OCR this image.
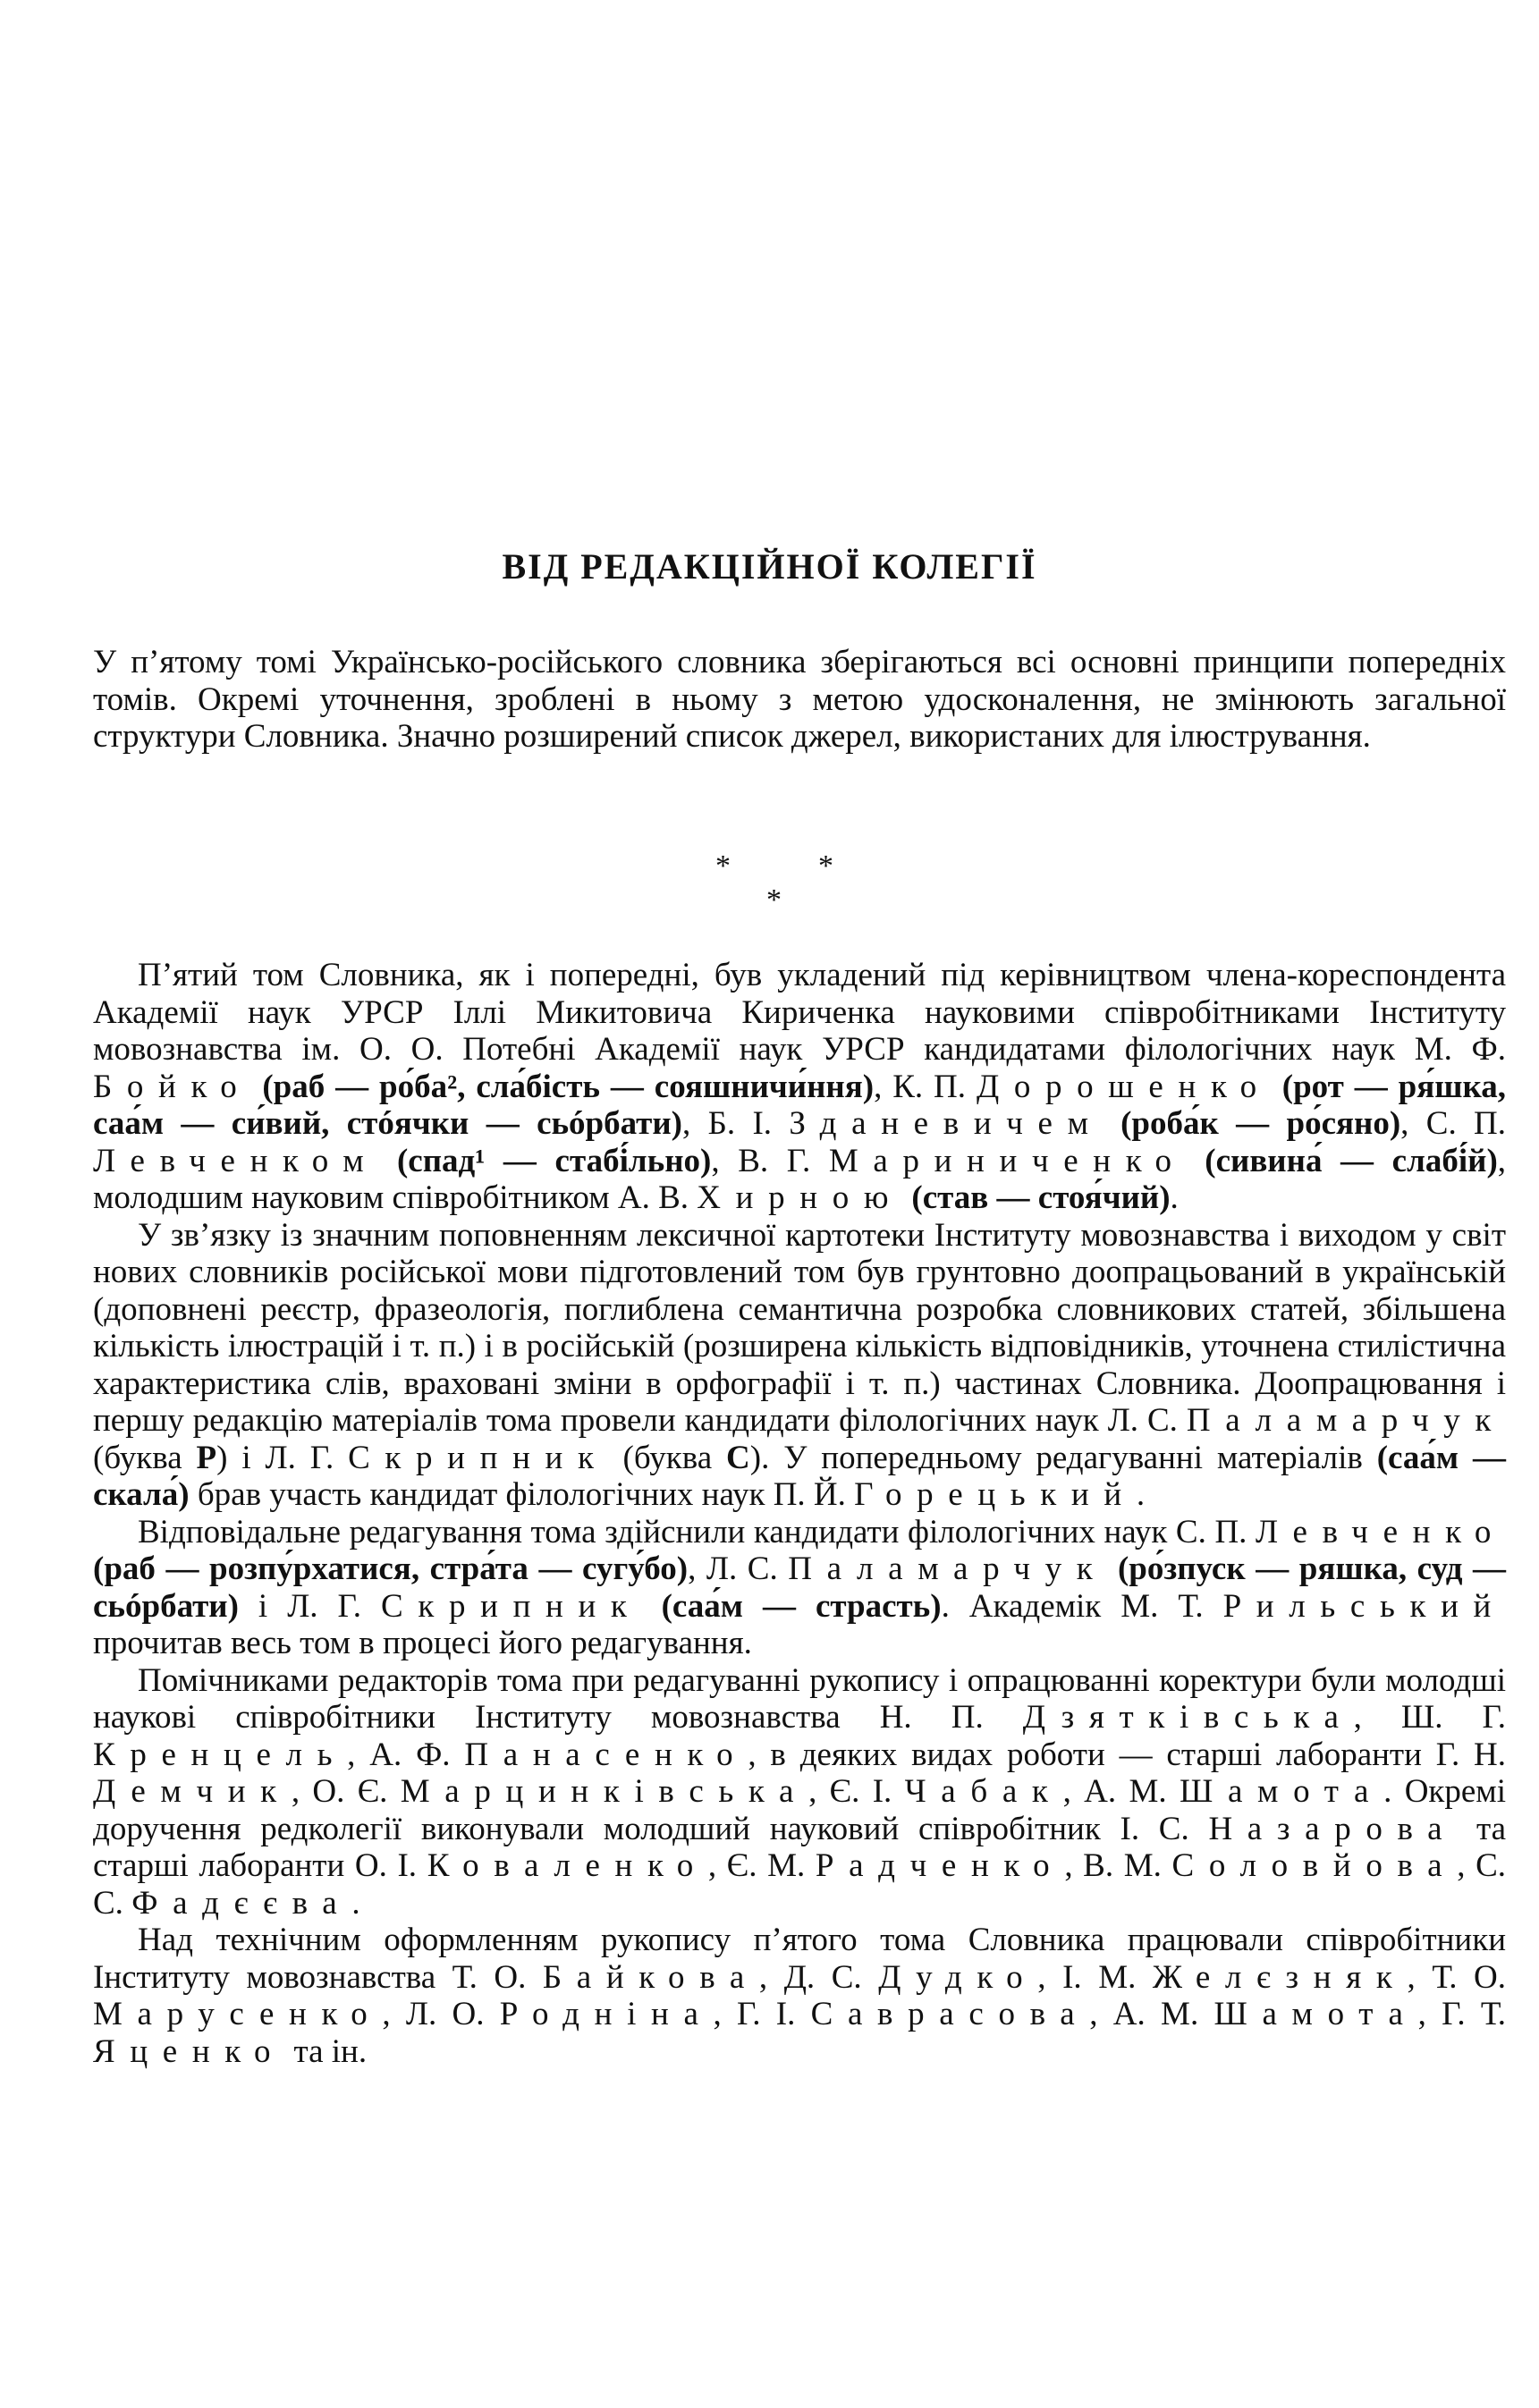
ВІД РЕДАКЦІЙНОЇ КОЛЕГІЇ

У п’ятому томі Українсько-російського словника зберігаються всі основні принципи попередніх томів. Окремі уточнення, зроблені в ньому з метою удосконалення, не змінюють загальної структури Словника. Значно розширений список джерел, використаних для ілюстрування.

*	*
*

П’ятий том Словника, як і попередні, був укладений під керівництвом члена-кореспондента Академії наук УРСР Іллі Микитовича Кириченка науковими співробітниками Інституту мовознавства ім. О. О. Потебні Академії наук УРСР кандидатами філологічних наук М. Ф. Бойко (раб — ро́ба², сла́бість — сояшничи́ння), К. П. Дорошенко (рот — ря́шка, саа́м — си́вий, стóячки — сьóрбати), Б. І. Здaневичем (роба́к — ро́сяно), С. П. Левченком (спад¹ — стабі́льно), В. Г. Мариниченко (сивина́ — слабі́й), молодшим науковим співробітником А. В. Хирною (став — стоя́чий).

У зв’язку із значним поповненням лексичної картотеки Інституту мовознавства і виходом у світ нових словників російської мови підготовлений том був грунтовно доопрацьований в українській (доповнені реєстр, фразеологія, поглиблена семантична розробка словникових статей, збільшена кількість ілюстрацій і т. п.) і в російській (розширена кількість відповідників, уточнена стилістична характеристика слів, враховані зміни в орфографії і т. п.) частинах Словника. Доопрацювання і першу редакцію матеріалів тома провели кандидати філологічних наук Л. С. Паламарчук (буква Р) і Л. Г. Скрипник (буква С). У попередньому редагуванні матеріалів (саа́м — скала́) брав участь кандидат філологічних наук П. Й. Горецький.

Відповідальне редагування тома здійснили кандидати філологічних наук С. П. Левченко (раб — розпу́рхатися, стра́та — сугу́бо), Л. С. Паламарчук (ро́зпуск — ряшка, суд — сьóрбати) і Л. Г. Скрипник (саа́м — страсть). Академік М. Т. Рильський прочитав весь том в процесі його редагування.

Помічниками редакторів тома при редагуванні рукопису і опрацюванні коректури були молодші наукові співробітники Інституту мовознавства Н. П. Дзятківська, Ш. Г. Кренцель, А. Ф. Панасенко, в деяких видах роботи — старші лаборанти Г. Н. Демчик, О. Є. Марцинківська, Є. І. Чабак, А. М. Шамота. Окремі доручення редколегії виконували молодший науковий співробітник І. С. Назарова та старші лаборанти О. І. Коваленко, Є. М. Радченко, В. М. Соловйова, С. С. Фадєєва.

Над технічним оформленням рукопису п’ятого тома Словника працювали співробітники Інституту мовознавства Т. О. Байкова, Д. С. Дудко, І. М. Желєзняк, Т. О. Марусенко, Л. О. Родніна, Г. І. Саврасова, А. М. Шамота, Г. Т. Яценко та ін.
